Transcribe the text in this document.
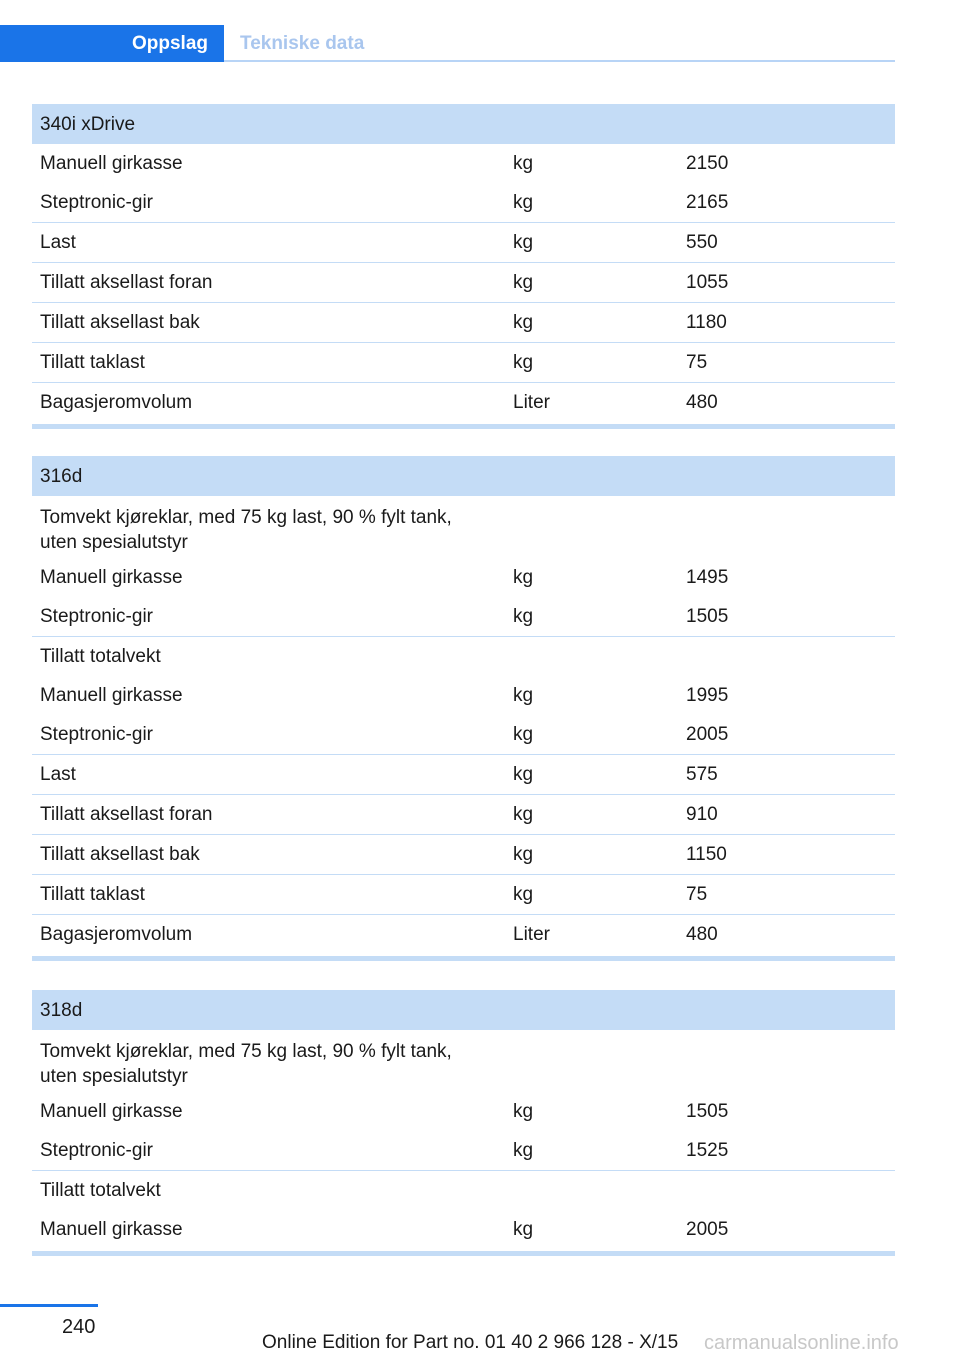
Oppslag	Tekniske data
340i xDrive
Manuell girkasse	kg	2150
Steptronic-gir	kg	2165
Last	kg	550
Tillatt aksellast foran	kg	1055
Tillatt aksellast bak	kg	1180
Tillatt taklast	kg	75
Bagasjeromvolum	Liter	480
316d
Tomvekt kjøreklar, med 75 kg last, 90 % fylt tank, uten spesialutstyr
Manuell girkasse	kg	1495
Steptronic-gir	kg	1505
Tillatt totalvekt
Manuell girkasse	kg	1995
Steptronic-gir	kg	2005
Last	kg	575
Tillatt aksellast foran	kg	910
Tillatt aksellast bak	kg	1150
Tillatt taklast	kg	75
Bagasjeromvolum	Liter	480
318d
Tomvekt kjøreklar, med 75 kg last, 90 % fylt tank, uten spesialutstyr
Manuell girkasse	kg	1505
Steptronic-gir	kg	1525
Tillatt totalvekt
Manuell girkasse	kg	2005
240
Online Edition for Part no. 01 40 2 966 128 - X/15 carmanualsonline.info
